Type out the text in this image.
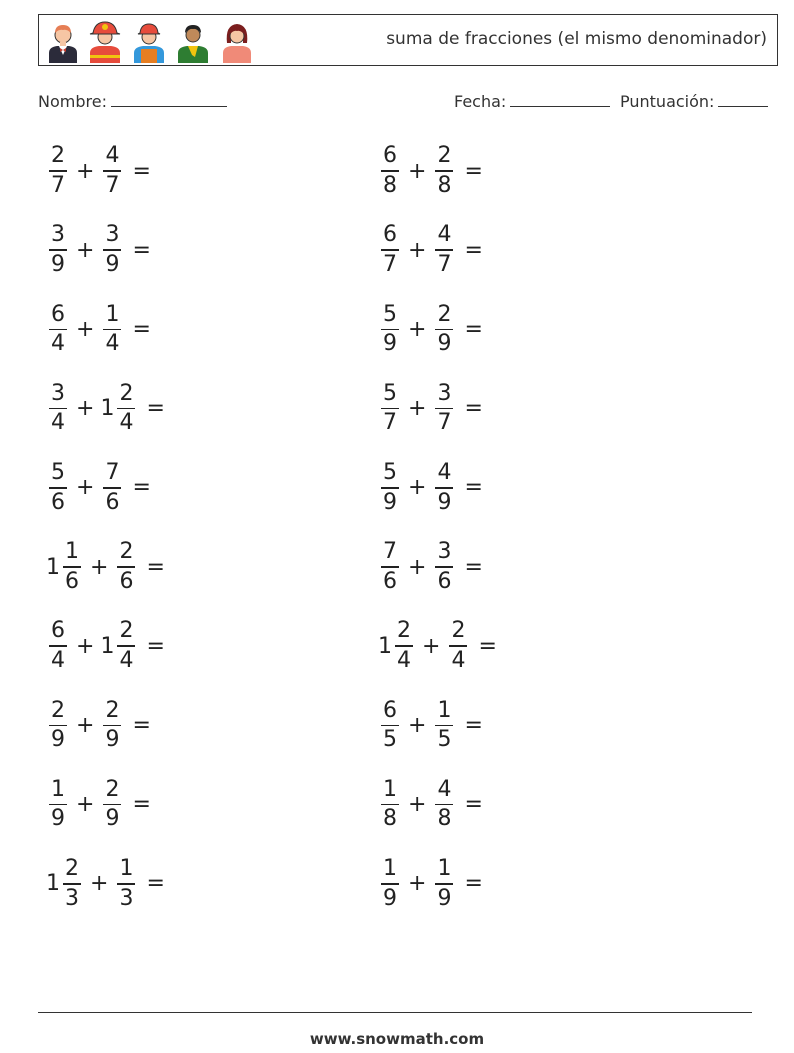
suma de fracciones (el mismo denominador)
Nombre:	Fecha:	Puntuación:
$\frac{2}{7} + \frac{4}{7}$ =
$\frac{3}{9} + \frac{3}{9}$ =
$\frac{6}{4} + \frac{1}{4}$ =
$\frac{3}{4} + 1 \frac{2}{4}$ =
$\frac{5}{6} + \frac{7}{6}$ =
$1 \frac{1}{6} + \frac{2}{6}$ =
$\frac{6}{4} + 1 \frac{2}{4}$ =
$\frac{2}{9} + \frac{2}{9}$ =
$\frac{1}{9} + \frac{2}{9}$ =
$1 \frac{2}{3} + \frac{1}{3}$ =
$\frac{6}{8} + \frac{2}{8}$ =
$\frac{6}{7} + \frac{4}{7}$ =
$\frac{5}{9} + \frac{2}{9}$ =
$\frac{5}{7} + \frac{3}{7}$ =
$\frac{5}{9} + \frac{4}{9}$ =
$\frac{7}{6} + \frac{3}{6}$ =
$1 \frac{2}{4} + \frac{2}{4}$ =
$\frac{6}{5} + \frac{1}{5}$ =
$\frac{1}{8} + \frac{4}{8}$ =
$\frac{1}{9} + \frac{1}{9}$ =
www.snowmath.com
